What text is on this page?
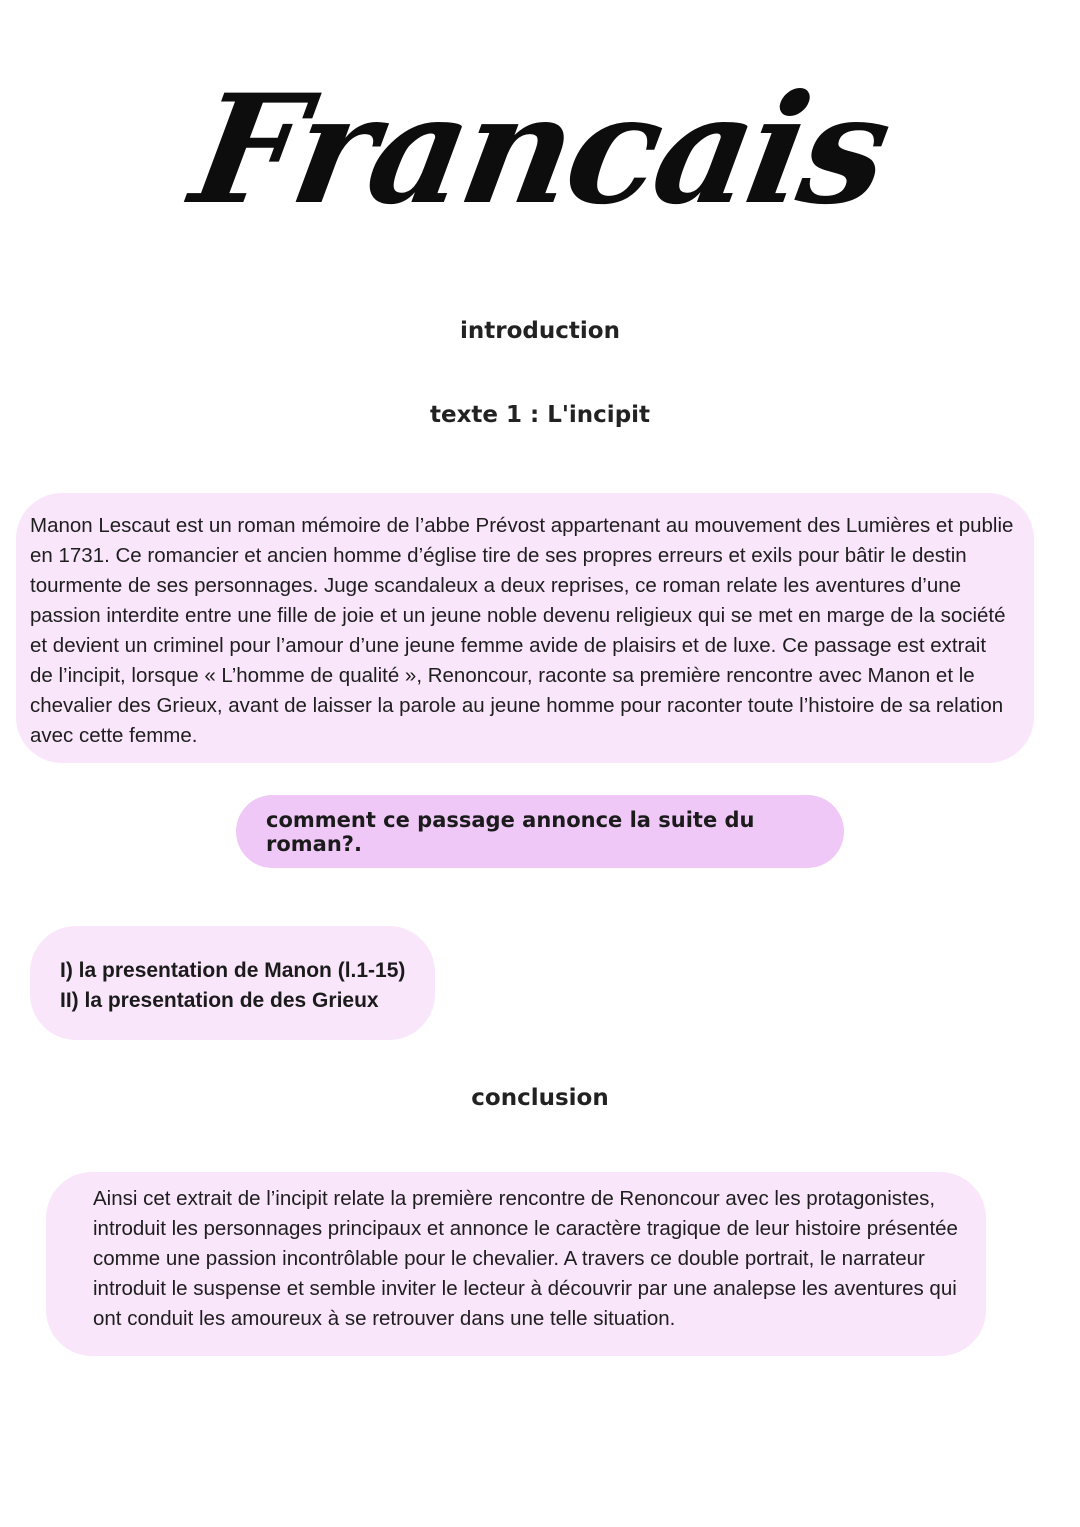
Francais
introduction
texte 1 : L'incipit

Manon Lescaut est un roman mémoire de l’abbe Prévost appartenant au mouvement des Lumières et publie en 1731. Ce romancier et ancien homme d’église tire de ses propres erreurs et exils pour bâtir le destin tourmente de ses personnages. Juge scandaleux a deux reprises, ce roman relate les aventures d’une passion interdite entre une fille de joie et un jeune noble devenu religieux qui se met en marge de la société et devient un criminel pour l’amour d’une jeune femme avide de plaisirs et de luxe. Ce passage est extrait de l’incipit, lorsque « L’homme de qualité », Renoncour, raconte sa première rencontre avec Manon et le chevalier des Grieux, avant de laisser la parole au jeune homme pour raconter toute l’histoire de sa relation avec cette femme.

comment ce passage annonce la suite du roman?.
I) la presentation de Manon (l.1-15)
II) la presentation de des Grieux
conclusion

Ainsi cet extrait de l’incipit relate la première rencontre de Renoncour avec les protagonistes, introduit les personnages principaux et annonce le caractère tragique de leur histoire présentée comme une passion incontrôlable pour le chevalier. A travers ce double portrait, le narrateur introduit le suspense et semble inviter le lecteur à découvrir par une analepse les aventures qui ont conduit les amoureux à se retrouver dans une telle situation.
